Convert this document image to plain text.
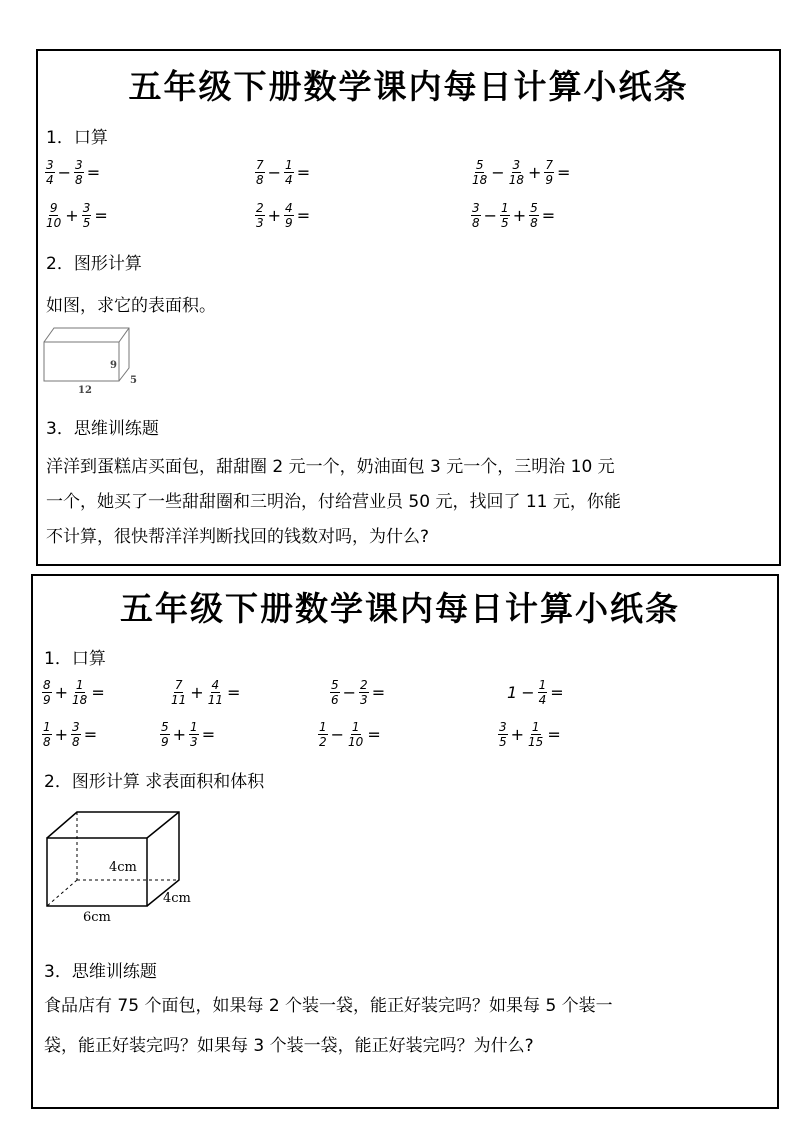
五年级下册数学课内每日计算小纸条
1．口算
$\frac{3}{4} - \frac{3}{8}$ =	$\frac{7}{8} - \frac{1}{4}$ =	$\frac{5}{18} - \frac{3}{18} + \frac{7}{9}$ =
$\frac{9}{10} + \frac{3}{5}$ =	$\frac{2}{3} + \frac{4}{9}$ =	$\frac{3}{8} - \frac{1}{5} + \frac{5}{8}$ =
2．图形计算
如图，求它的表面积。
9
5
12
3．思维训练题
洋洋到蛋糕店买面包，甜甜圈 2 元一个，奶油面包 3 元一个，三明治 10 元
一个，她买了一些甜甜圈和三明治，付给营业员 50 元，找回了 11 元，你能
不计算，很快帮洋洋判断找回的钱数对吗，为什么?
五年级下册数学课内每日计算小纸条
1．口算
$\frac{8}{9} + \frac{1}{18}$ =	$\frac{7}{11} + \frac{4}{11}$ =	$\frac{5}{6} - \frac{2}{3}$ =	$1 - \frac{1}{4}$ =
$\frac{1}{8} + \frac{3}{8}$ =	$\frac{5}{9} + \frac{1}{3}$ =	$\frac{1}{2} - \frac{1}{10}$ =	$\frac{3}{5} + \frac{1}{15}$ =
2．图形计算 求表面积和体积
4cm
4cm
6cm
3．思维训练题
食品店有 75 个面包，如果每 2 个装一袋，能正好装完吗？如果每 5 个装一
袋，能正好装完吗？如果每 3 个装一袋，能正好装完吗？为什么?
